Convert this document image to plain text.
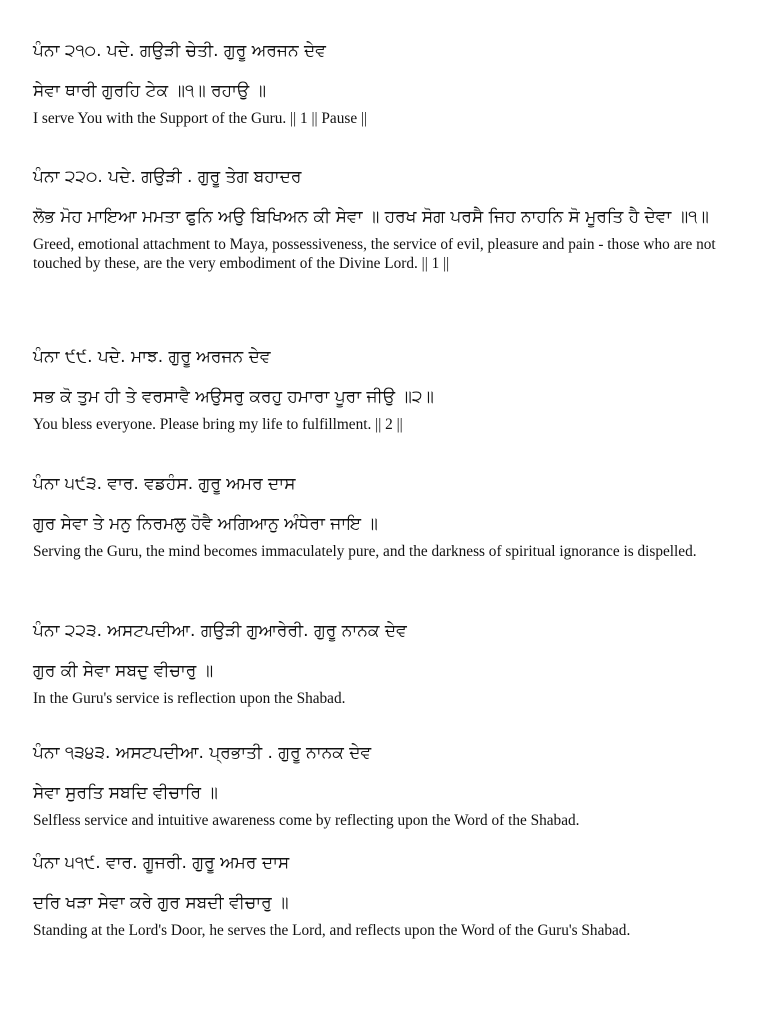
ਪੰਨਾ ੨੧੦. ਪਦੇ. ਗਉੜੀ ਚੇਤੀ. ਗੁਰੂ ਅਰਜਨ ਦੇਵ

ਸੇਵਾ ਥਾਰੀ ਗੁਰਹਿ ਟੇਕ ॥੧॥ ਰਹਾਉ ॥

I serve You with the Support of the Guru. || 1 || Pause ||

ਪੰਨਾ ੨੨੦. ਪਦੇ. ਗਉੜੀ . ਗੁਰੂ ਤੇਗ ਬਹਾਦਰ

ਲੋਭ ਮੋਹ ਮਾਇਆ ਮਮਤਾ ਫੁਨਿ ਅਉ ਬਿਖਿਅਨ ਕੀ ਸੇਵਾ ॥ ਹਰਖ ਸੋਗ ਪਰਸੈ ਜਿਹ ਨਾਹਨਿ ਸੋ ਮੂਰਤਿ ਹੈ ਦੇਵਾ ॥੧॥

Greed, emotional attachment to Maya, possessiveness, the service of evil, pleasure and pain - those who are not touched by these, are the very embodiment of the Divine Lord. || 1 ||

ਪੰਨਾ ੯੯. ਪਦੇ. ਮਾਝ. ਗੁਰੂ ਅਰਜਨ ਦੇਵ

ਸਭ ਕੋ ਤੁਮ ਹੀ ਤੇ ਵਰਸਾਵੈ ਅਉਸਰੁ ਕਰਹੁ ਹਮਾਰਾ ਪੂਰਾ ਜੀਉ ॥੨॥

You bless everyone. Please bring my life to fulfillment. || 2 ||

ਪੰਨਾ ੫੯੩. ਵਾਰ. ਵਡਹੰਸ. ਗੁਰੂ ਅਮਰ ਦਾਸ

ਗੁਰ ਸੇਵਾ ਤੇ ਮਨੁ ਨਿਰਮਲੁ ਹੋਵੈ ਅਗਿਆਨੁ ਅੰਧੇਰਾ ਜਾਇ ॥

Serving the Guru, the mind becomes immaculately pure, and the darkness of spiritual ignorance is dispelled.

ਪੰਨਾ ੨੨੩. ਅਸਟਪਦੀਆ. ਗਉੜੀ ਗੁਆਰੇਰੀ. ਗੁਰੂ ਨਾਨਕ ਦੇਵ

ਗੁਰ ਕੀ ਸੇਵਾ ਸਬਦੁ ਵੀਚਾਰੁ ॥

In the Guru's service is reflection upon the Shabad.

ਪੰਨਾ ੧੩੪੩. ਅਸਟਪਦੀਆ. ਪ੍ਰਭਾਤੀ . ਗੁਰੂ ਨਾਨਕ ਦੇਵ

ਸੇਵਾ ਸੁਰਤਿ ਸਬਦਿ ਵੀਚਾਰਿ ॥

Selfless service and intuitive awareness come by reflecting upon the Word of the Shabad.

ਪੰਨਾ ੫੧੯. ਵਾਰ. ਗੂਜਰੀ. ਗੁਰੂ ਅਮਰ ਦਾਸ

ਦਰਿ ਖੜਾ ਸੇਵਾ ਕਰੇ ਗੁਰ ਸਬਦੀ ਵੀਚਾਰੁ ॥

Standing at the Lord's Door, he serves the Lord, and reflects upon the Word of the Guru's Shabad.
